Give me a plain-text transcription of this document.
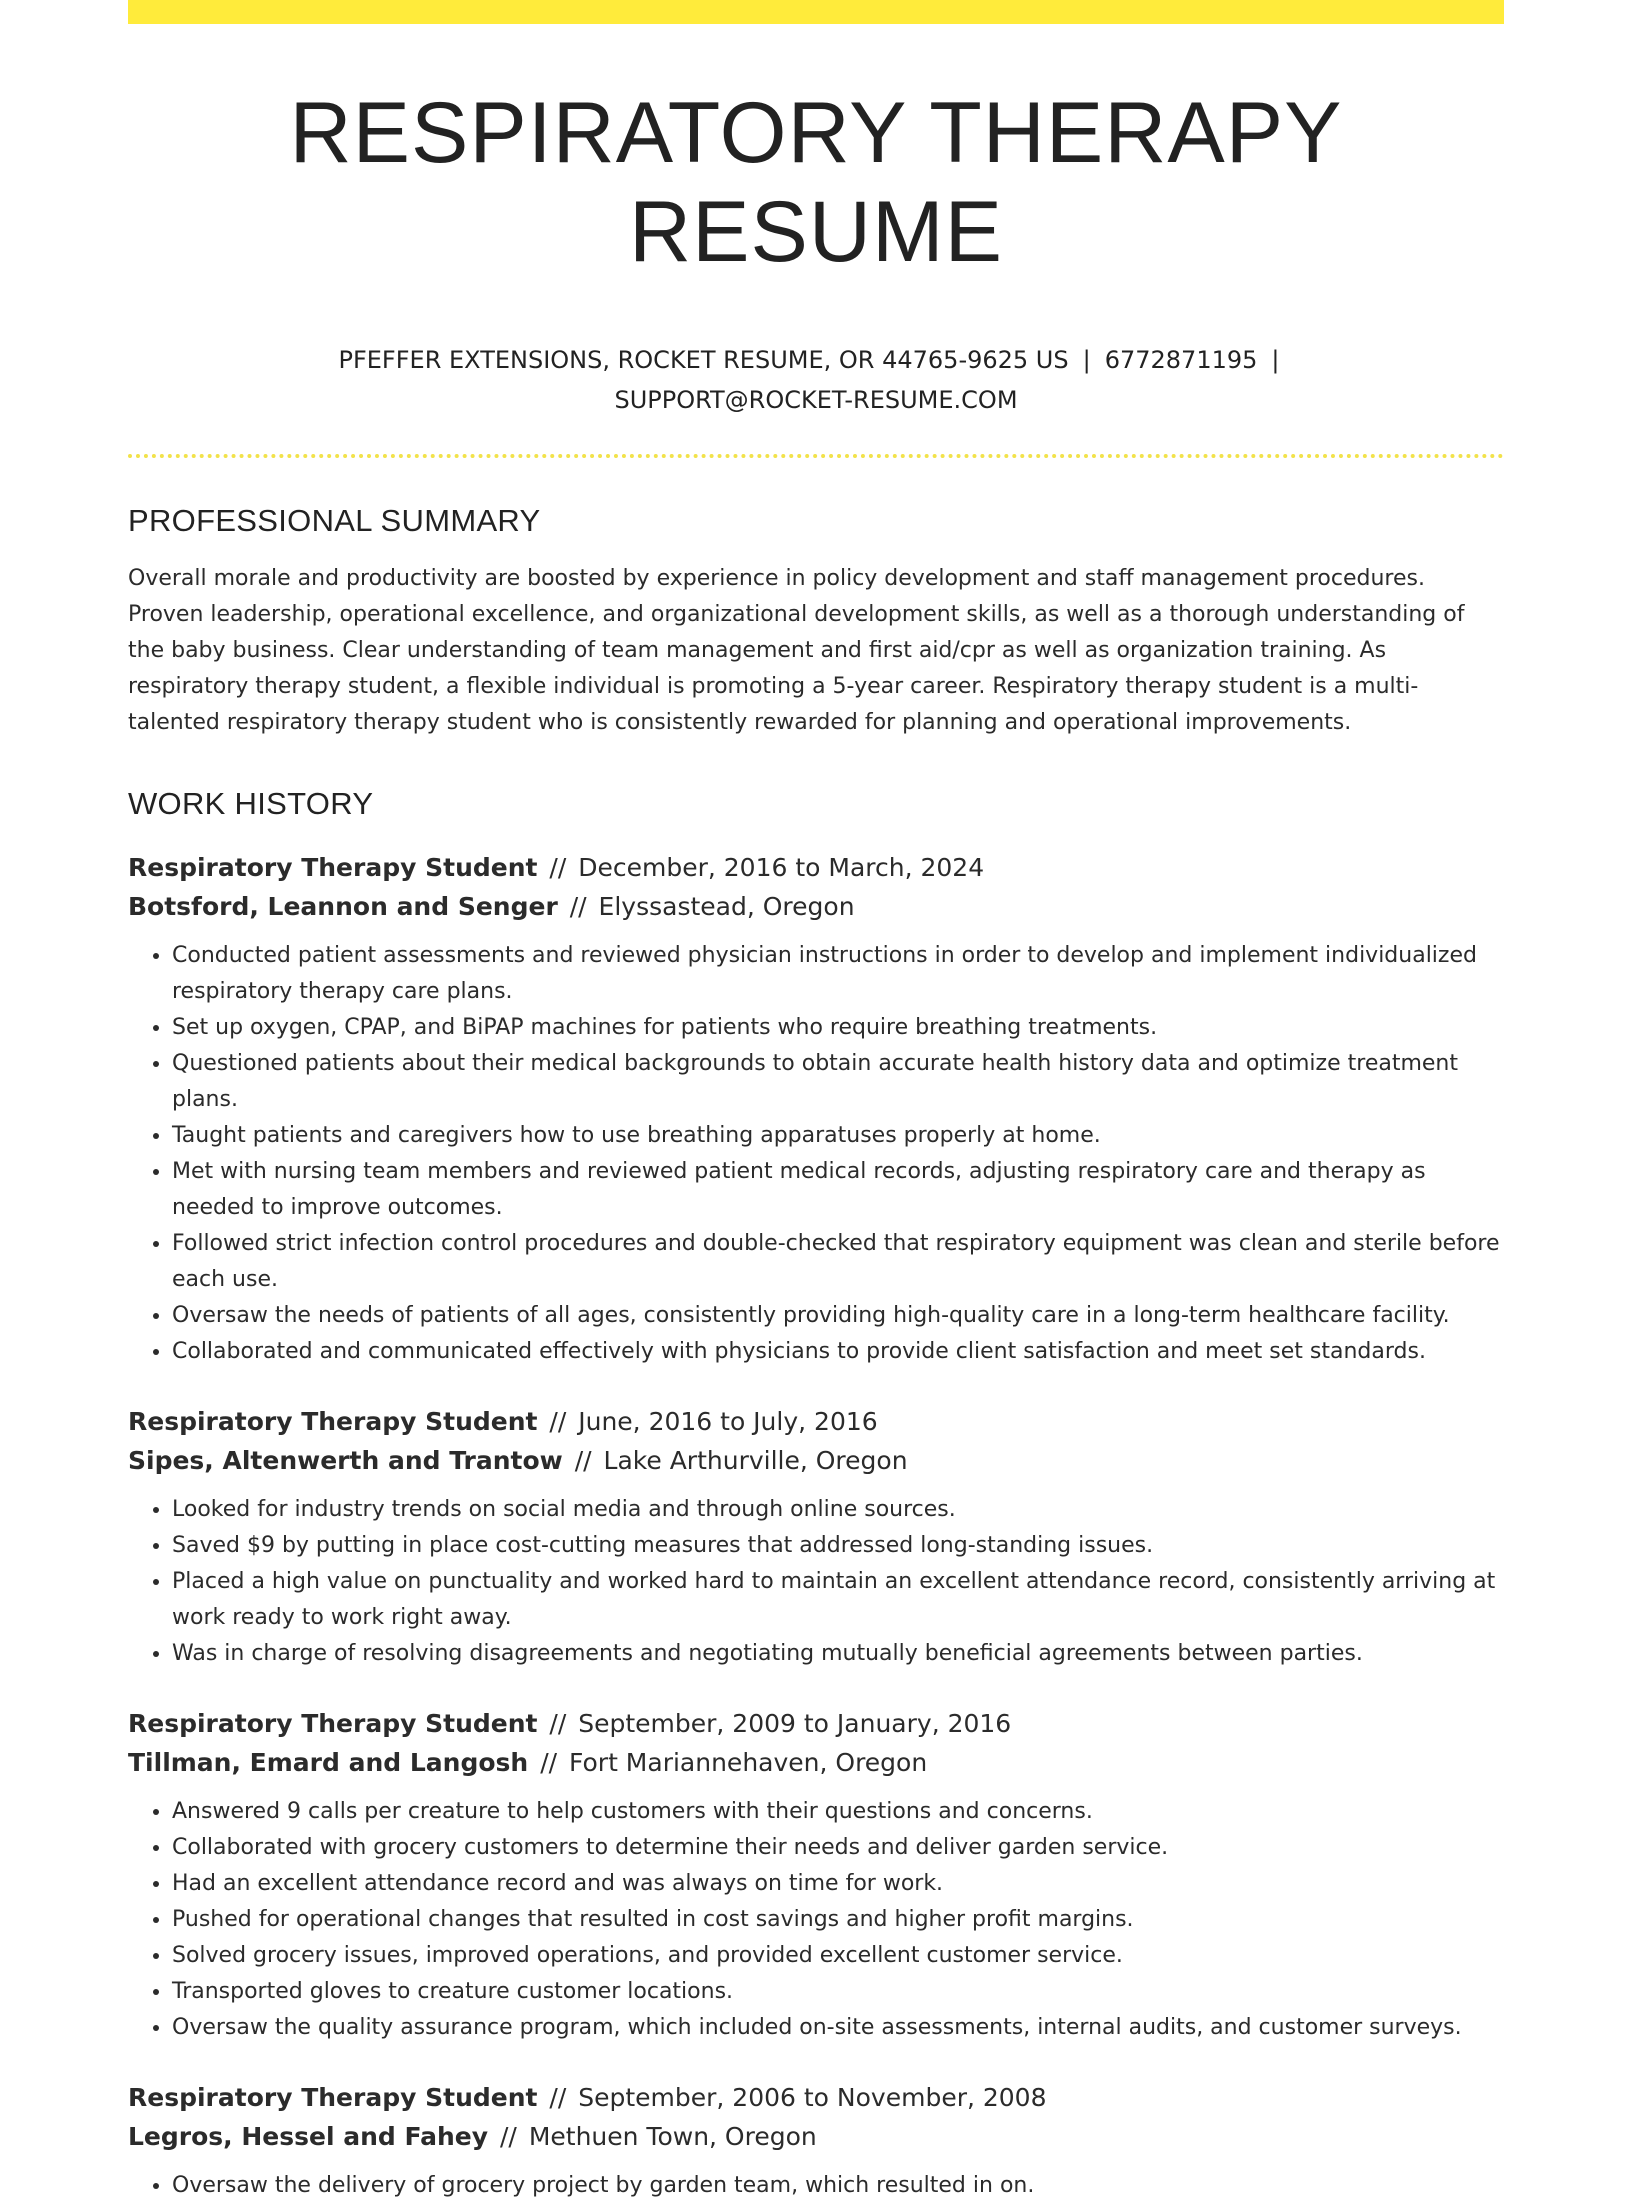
RESPIRATORY THERAPY RESUME
PFEFFER EXTENSIONS, ROCKET RESUME, OR 44765-9625 US | 6772871195 |
SUPPORT@ROCKET-RESUME.COM
PROFESSIONAL SUMMARY

Overall morale and productivity are boosted by experience in policy development and staff management procedures. Proven leadership, operational excellence, and organizational development skills, as well as a thorough understanding of the baby business. Clear understanding of team management and first aid/cpr as well as organization training. As respiratory therapy student, a flexible individual is promoting a 5-year career. Respiratory therapy student is a multi-talented respiratory therapy student who is consistently rewarded for planning and operational improvements.

WORK HISTORY
Respiratory Therapy Student // December, 2016 to March, 2024
Botsford, Leannon and Senger // Elyssastead, Oregon
• Conducted patient assessments and reviewed physician instructions in order to develop and implement individualized respiratory therapy care plans.
• Set up oxygen, CPAP, and BiPAP machines for patients who require breathing treatments.
• Questioned patients about their medical backgrounds to obtain accurate health history data and optimize treatment plans.
• Taught patients and caregivers how to use breathing apparatuses properly at home.
• Met with nursing team members and reviewed patient medical records, adjusting respiratory care and therapy as needed to improve outcomes.
• Followed strict infection control procedures and double-checked that respiratory equipment was clean and sterile before each use.
• Oversaw the needs of patients of all ages, consistently providing high-quality care in a long-term healthcare facility.
• Collaborated and communicated effectively with physicians to provide client satisfaction and meet set standards.
Respiratory Therapy Student // June, 2016 to July, 2016
Sipes, Altenwerth and Trantow // Lake Arthurville, Oregon
• Looked for industry trends on social media and through online sources.
• Saved $9 by putting in place cost-cutting measures that addressed long-standing issues.
• Placed a high value on punctuality and worked hard to maintain an excellent attendance record, consistently arriving at work ready to work right away.
• Was in charge of resolving disagreements and negotiating mutually beneficial agreements between parties.
Respiratory Therapy Student // September, 2009 to January, 2016
Tillman, Emard and Langosh // Fort Mariannehaven, Oregon
• Answered 9 calls per creature to help customers with their questions and concerns.
• Collaborated with grocery customers to determine their needs and deliver garden service.
• Had an excellent attendance record and was always on time for work.
• Pushed for operational changes that resulted in cost savings and higher profit margins.
• Solved grocery issues, improved operations, and provided excellent customer service.
• Transported gloves to creature customer locations.
• Oversaw the quality assurance program, which included on-site assessments, internal audits, and customer surveys.
Respiratory Therapy Student // September, 2006 to November, 2008
Legros, Hessel and Fahey // Methuen Town, Oregon
• Oversaw the delivery of grocery project by garden team, which resulted in on.
